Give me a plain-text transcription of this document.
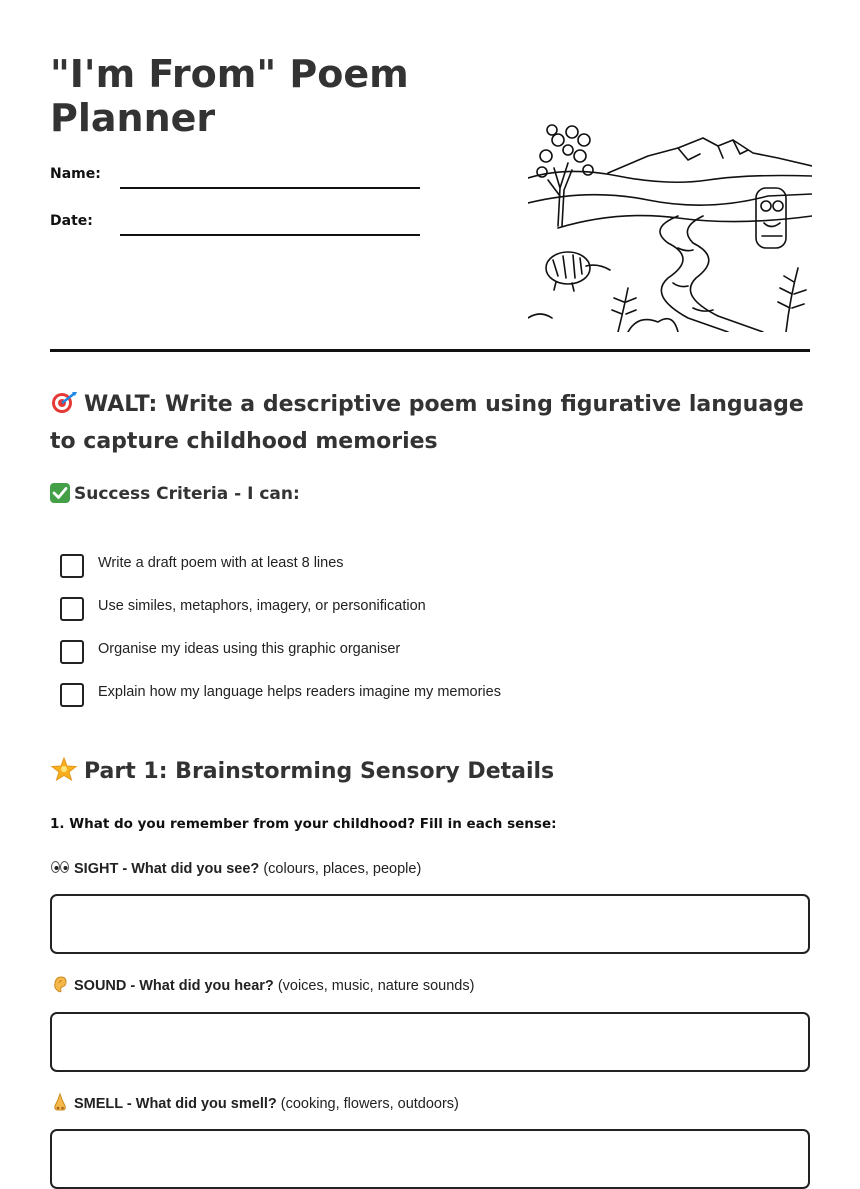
"I'm From" Poem Planner
Name:
Date:
WALT: Write a descriptive poem using figurative language to capture childhood memories
Success Criteria - I can:
Write a draft poem with at least 8 lines
Use similes, metaphors, imagery, or personification
Organise my ideas using this graphic organiser
Explain how my language helps readers imagine my memories
Part 1: Brainstorming Sensory Details
1. What do you remember from your childhood? Fill in each sense:
SIGHT - What did you see? (colours, places, people)
SOUND - What did you hear? (voices, music, nature sounds)
SMELL - What did you smell? (cooking, flowers, outdoors)
